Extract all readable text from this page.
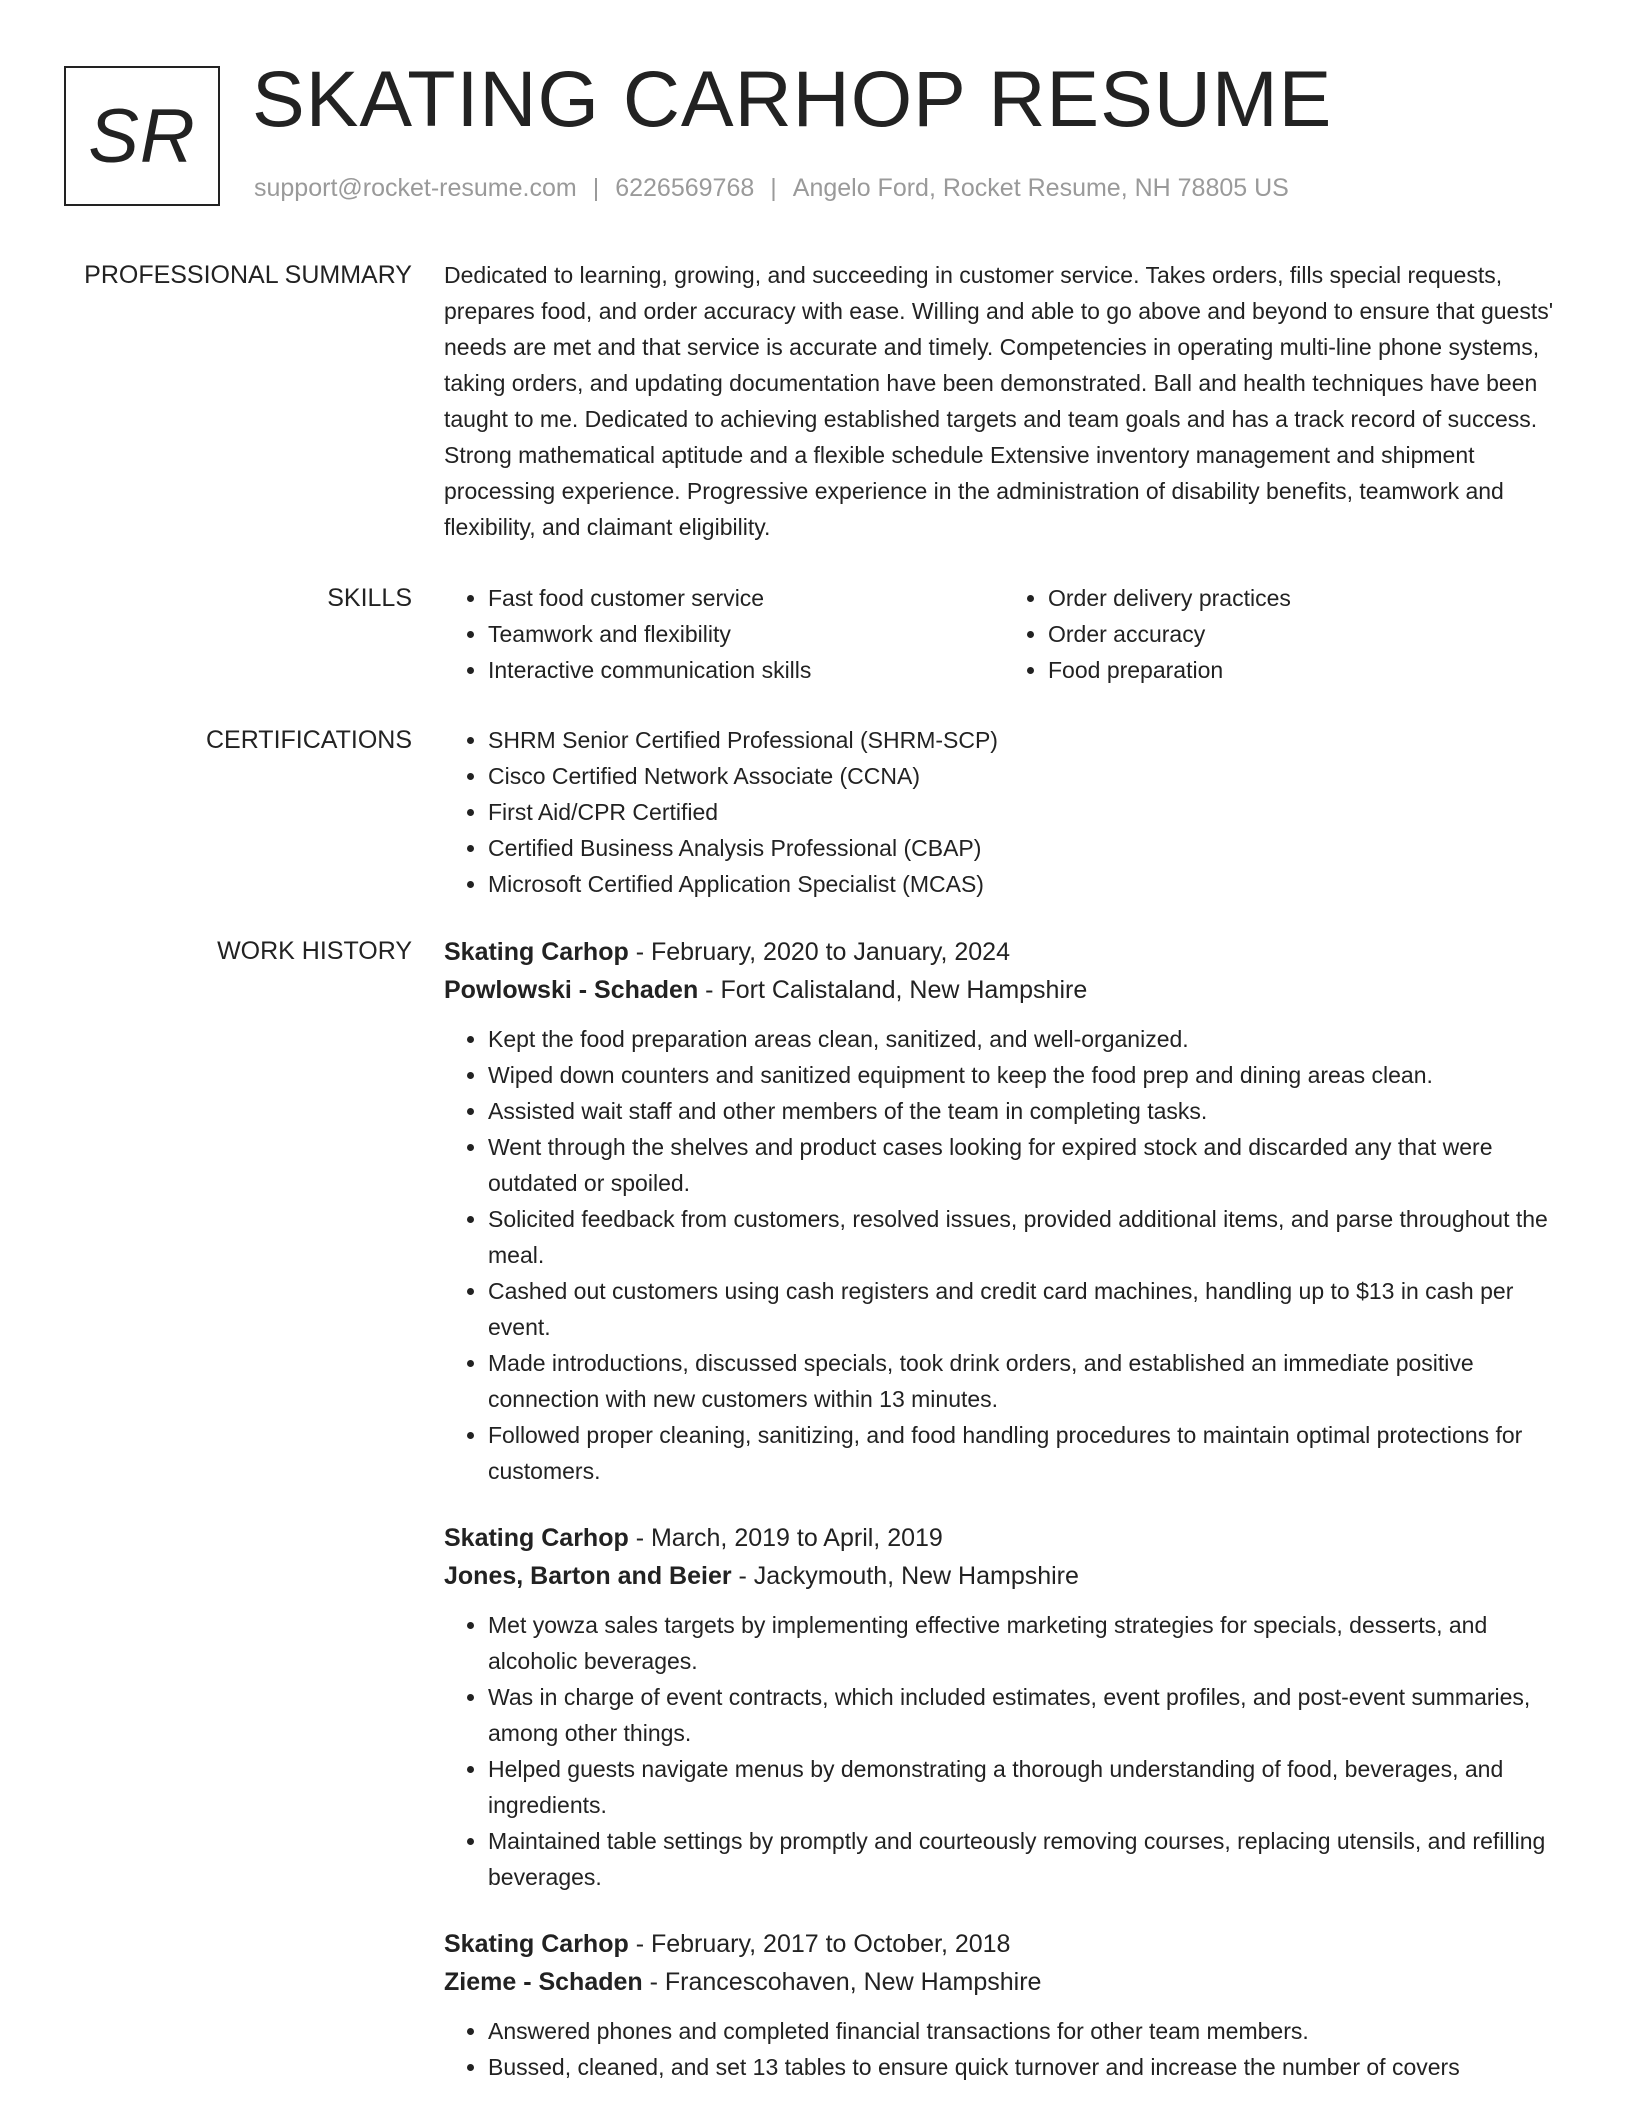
SR SKATING CARHOP RESUME
support@rocket-resume.com | 6226569768 | Angelo Ford, Rocket Resume, NH 78805 US
PROFESSIONAL SUMMARY Dedicated to learning, growing, and succeeding in customer service. Takes orders, fills special requests, prepares food, and order accuracy with ease. Willing and able to go above and beyond to ensure that guests' needs are met and that service is accurate and timely. Competencies in operating multi-line phone systems, taking orders, and updating documentation have been demonstrated. Ball and health techniques have been taught to me. Dedicated to achieving established targets and team goals and has a track record of success. Strong mathematical aptitude and a flexible schedule Extensive inventory management and shipment processing experience. Progressive experience in the administration of disability benefits, teamwork and flexibility, and claimant eligibility.
SKILLS	• Fast food customer service
• Teamwork and flexibility
• Interactive communication skills
• Order delivery practices
• Order accuracy
• Food preparation
CERTIFICATIONS	• SHRM Senior Certified Professional (SHRM-SCP)
• Cisco Certified Network Associate (CCNA)
• First Aid/CPR Certified
• Certified Business Analysis Professional (CBAP)
• Microsoft Certified Application Specialist (MCAS)
WORK HISTORY Skating Carhop - February, 2020 to January, 2024
Powlowski - Schaden - Fort Calistaland, New Hampshire
• Kept the food preparation areas clean, sanitized, and well-organized.
• Wiped down counters and sanitized equipment to keep the food prep and dining areas clean.
• Assisted wait staff and other members of the team in completing tasks.
• Went through the shelves and product cases looking for expired stock and discarded any that were outdated or spoiled.
• Solicited feedback from customers, resolved issues, provided additional items, and parse throughout the meal.
• Cashed out customers using cash registers and credit card machines, handling up to $13 in cash per event.
• Made introductions, discussed specials, took drink orders, and established an immediate positive connection with new customers within 13 minutes.
• Followed proper cleaning, sanitizing, and food handling procedures to maintain optimal protections for customers.
Skating Carhop - March, 2019 to April, 2019
Jones, Barton and Beier - Jackymouth, New Hampshire
• Met yowza sales targets by implementing effective marketing strategies for specials, desserts, and alcoholic beverages.
• Was in charge of event contracts, which included estimates, event profiles, and post-event summaries, among other things.
• Helped guests navigate menus by demonstrating a thorough understanding of food, beverages, and ingredients.
• Maintained table settings by promptly and courteously removing courses, replacing utensils, and refilling beverages.
Skating Carhop - February, 2017 to October, 2018
Zieme - Schaden - Francescohaven, New Hampshire
• Answered phones and completed financial transactions for other team members.
• Bussed, cleaned, and set 13 tables to ensure quick turnover and increase the number of covers
